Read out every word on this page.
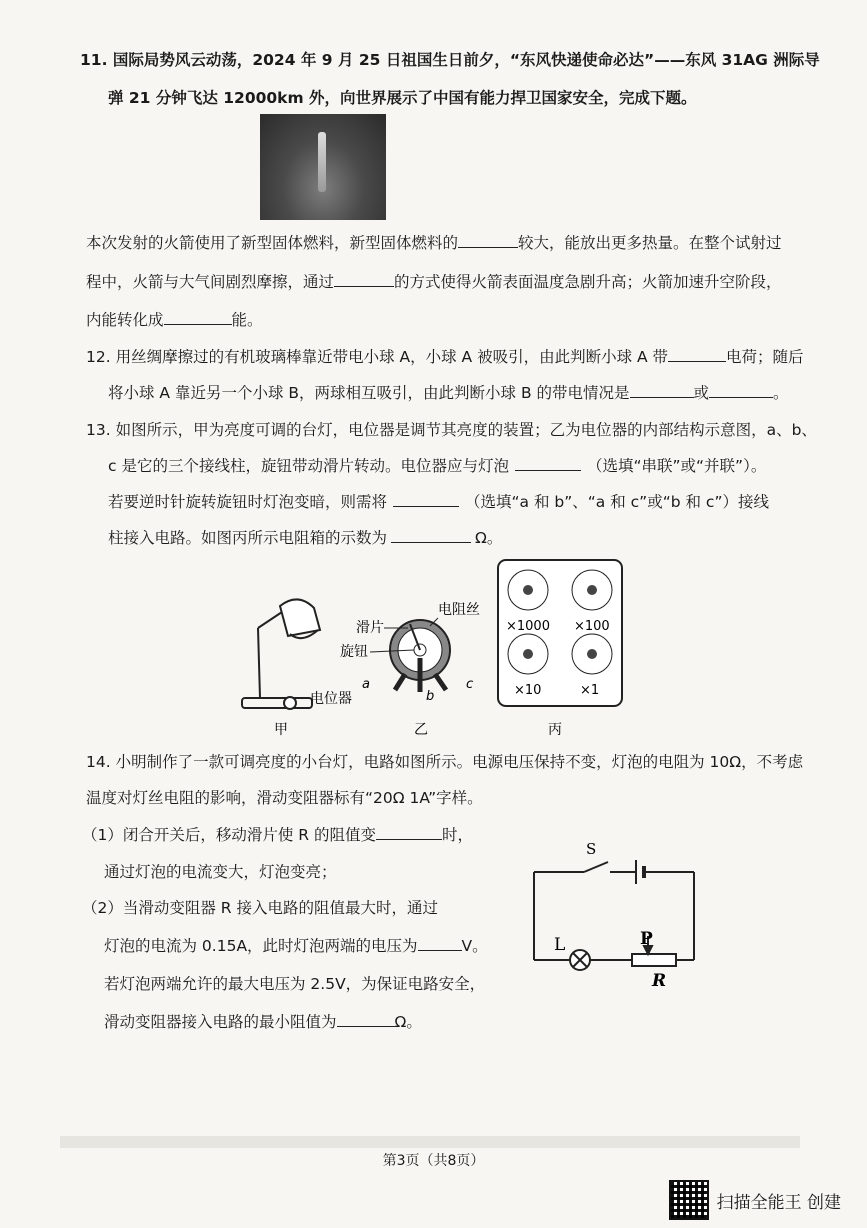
11. 国际局势风云动荡，2024 年 9 月 25 日祖国生日前夕，“东风快递使命必达”——东风 31AG 洲际导
弹 21 分钟飞达 12000km 外，向世界展示了中国有能力捍卫国家安全，完成下题。
本次发射的火箭使用了新型固体燃料，新型固体燃料的	较大，能放出更多热量。在整个试射过
程中，火箭与大气间剧烈摩擦，通过	的方式使得火箭表面温度急剧升高；火箭加速升空阶段，
内能转化成	能。
12. 用丝绸摩擦过的有机玻璃棒靠近带电小球 A，小球 A 被吸引，由此判断小球 A 带	电荷；随后
将小球 A 靠近另一个小球 B，两球相互吸引，由此判断小球 B 的带电情况是	或	。
13. 如图所示，甲为亮度可调的台灯，电位器是调节其亮度的装置；乙为电位器的内部结构示意图，a、b、
c 是它的三个接线柱，旋钮带动滑片转动。电位器应与灯泡	（选填“串联”或“并联”）。
若要逆时针旋转旋钮时灯泡变暗，则需将	（选填“a 和 b”、“a 和 c”或“b 和 c”）接线
柱接入电路。如图丙所示电阻箱的示数为	Ω。
电位器
甲
a
b
c
滑片
旋钮
电阻丝
乙
×1000 ×100
×10	×1
丙
14. 小明制作了一款可调亮度的小台灯，电路如图所示。电源电压保持不变，灯泡的电阻为 10Ω，不考虑
温度对灯丝电阻的影响，滑动变阻器标有“20Ω 1A”字样。
（1）闭合开关后，移动滑片使 R 的阻值变	时，
通过灯泡的电流变大，灯泡变亮；
（2）当滑动变阻器 R 接入电路的阻值最大时，通过
灯泡的电流为 0.15A，此时灯泡两端的电压为	V。
若灯泡两端允许的最大电压为 2.5V，为保证电路安全，
滑动变阻器接入电路的最小阻值为	Ω。
S
L	P
R
第3页（共8页）
扫描全能王 创建
